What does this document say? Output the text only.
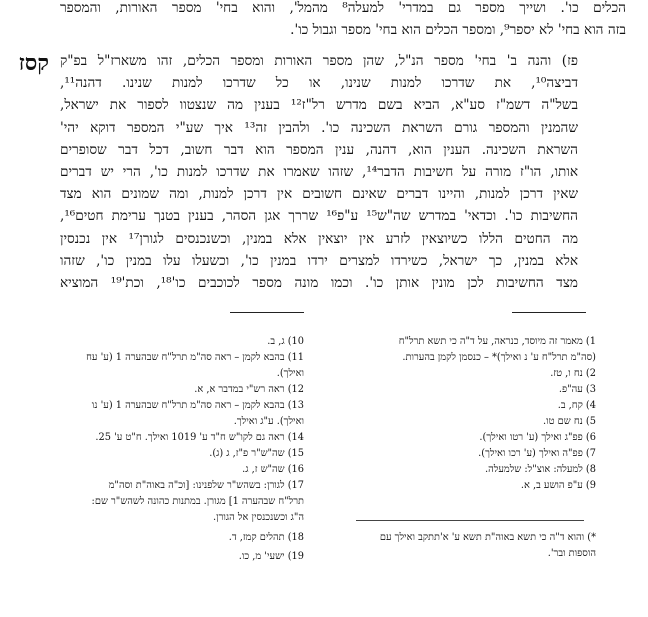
הכלים כו'. ושייך מספר גם במדרי' למעלה⁸ מהמל', והוא בחי' מספר האורות, והמספר
בזה הוא בחי' לא יספר⁹, ומספר הכלים הוא בחי' מספר וגבול כו'.
קסז פז) והנה ב' בחי' מספר הנ"ל, שהן מספר האורות ומספר הכלים, זהו משארז"ל בפ"ק
דביצה¹⁰, את שדרכו למנות שנינו, או כל שדרכו למנות שנינו. דהנה¹¹,
בשל"ה דשמ"ז סע"א, הביא בשם מדרש רל"ז¹² בענין מה שנצטוו לספור את ישראל,
שהמנין והמספר גורם השראת השכינה כו'. ולהבין זה¹³ איך שע"י המספר דוקא יהי'
השראת השכינה. הענין הוא, דהנה, ענין המספר הוא דבר חשוב, דכל דבר שסופרים
אותו, הו"ז מורה על חשיבות הדבר¹⁴, שזהו שאמרו את שדרכו למנות כו', הרי יש דברים
שאין דרכן למנות, והיינו דברים שאינם חשובים אין דרכן למנות, ומה שמונים הוא מצד
החשיבות כו'. וכדאי' במדרש שה"ש¹⁵ ע"פ¹⁶ שררך אגן הסהר, בענין בטנך ערימת חטים¹⁶,
מה החטים הללו כשיוצאין לזרע אין יוצאין אלא במנין, וכשנכנסים לגורן¹⁷ אין נכנסין
אלא במנין, כך ישראל, כשירדו למצרים ירדו במנין כו', וכשעלו עלו במנין כו', שזהו
מצד החשיבות לכן מונין אותן כו'. וכמו מונה מספר לכוכבים כו'¹⁸, וכת'¹⁹ המוציא
1) מאמר זה מיוסד, כנראה, על ד"ה כי תשא תרל"ח
(סה"מ תרל"ח ע' נ ואילך)* – כנסמן לקמן בהערות.
2) נח ו, טז.
3) עה"פ.
4) קח, ב.
5) נח שם טו.
6) פפ"ג ואילך (ע' רטו ואילך).
7) פפ"ה ואילך (ע' רכו ואילך).
8) למעלה: אוצ"ל: שלמעלה.
9) ע"פ הושע ב, א.
*) והוא ד"ה כי תשא באוה"ת תשא ע' א'תתקב ואילך עם
הוספות ובר'.
10) ג, ב.
11) בהבא לקמן – ראה סה"מ תרל"ח שבהערה 1 (ע' עח
ואילך).
12) ראה רש"י במדבר א, א.
13) בהבא לקמן – ראה סה"מ תרל"ח שבהערה 1 (ע' נו
ואילך). ע"ג ואילך.
14) ראה גם לקו"ש ח"ד ע' 1019 ואילך. ח"ט ע' 25.
15) שה"ש"ר פ"ז, ג (ג).
16) שה"ש ז, ג.
17) לגורן: בשהש"ר שלפנינו: [וכ"ה באוה"ת וסה"מ
תרל"ח שבהערה 1] מגורן. במתנות כהונה לשהש"ר שם:
ה"ג וכשנכנסין אל הגורן.
18) תהלים קמז, ד.
19) ישעי' מ, כו.
